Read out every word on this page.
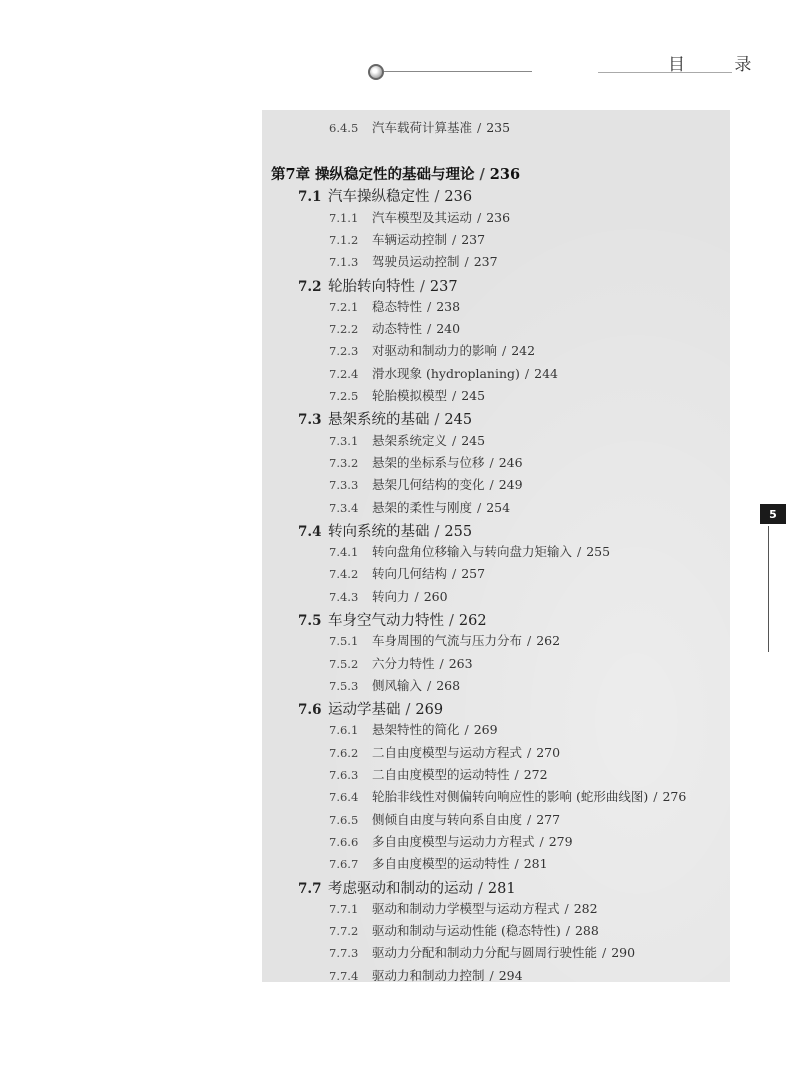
目 录
6.4.5	汽车载荷计算基准 / 235
第7章 操纵稳定性的基础与理论 / 236
7.1 汽车操纵稳定性 / 236
7.1.1	汽车模型及其运动 / 236
7.1.2	车辆运动控制 / 237
7.1.3	驾驶员运动控制 / 237
7.2 轮胎转向特性 / 237
7.2.1	稳态特性 / 238
7.2.2	动态特性 / 240
7.2.3	对驱动和制动力的影响 / 242
7.2.4	滑水现象 (hydroplaning) / 244
7.2.5	轮胎模拟模型 / 245
7.3 悬架系统的基础 / 245
7.3.1	悬架系统定义 / 245
7.3.2	悬架的坐标系与位移 / 246
7.3.3	悬架几何结构的变化 / 249
7.3.4	悬架的柔性与刚度 / 254
7.4 转向系统的基础 / 255
7.4.1	转向盘角位移输入与转向盘力矩输入 / 255
7.4.2	转向几何结构 / 257
7.4.3	转向力 / 260
7.5 车身空气动力特性 / 262
7.5.1	车身周围的气流与压力分布 / 262
7.5.2	六分力特性 / 263
7.5.3	侧风输入 / 268
7.6 运动学基础 / 269
7.6.1	悬架特性的简化 / 269
7.6.2	二自由度模型与运动方程式 / 270
7.6.3	二自由度模型的运动特性 / 272
7.6.4	轮胎非线性对侧偏转向响应性的影响 (蛇形曲线图) / 276
7.6.5	侧倾自由度与转向系自由度 / 277
7.6.6	多自由度模型与运动力方程式 / 279
7.6.7	多自由度模型的运动特性 / 281
7.7 考虑驱动和制动的运动 / 281
7.7.1	驱动和制动力学模型与运动方程式 / 282
7.7.2	驱动和制动与运动性能 (稳态特性) / 288
7.7.3	驱动力分配和制动力分配与圆周行驶性能 / 290
7.7.4	驱动力和制动力控制 / 294
5
